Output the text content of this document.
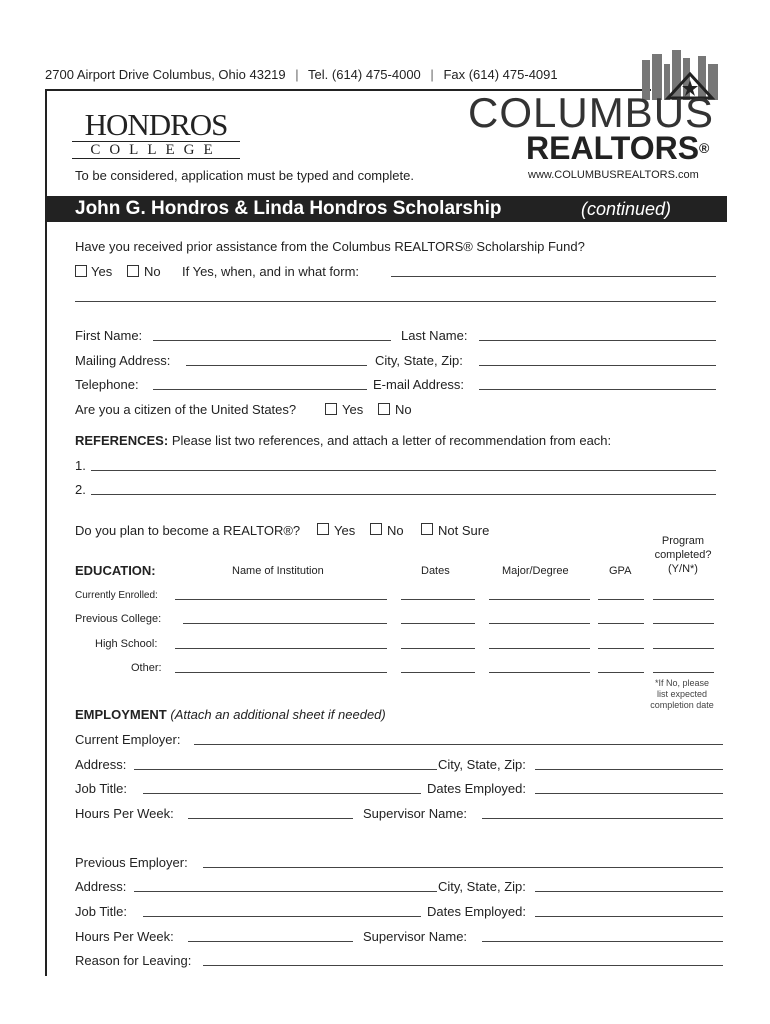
2700 Airport Drive Columbus, Ohio 43219 | Tel. (614) 475-4000 | Fax (614) 475-4091
HONDROS
COLLEGE
COLUMBUS
REALTORS®
www.COLUMBUSREALTORS.com
To be considered, application must be typed and complete.
John G. Hondros & Linda Hondros Scholarship	(continued)
Have you received prior assistance from the Columbus REALTORS® Scholarship Fund?
Yes No If Yes, when, and in what form:
First Name:	Last Name:
Mailing Address:	City, State, Zip:
Telephone:	E-mail Address:
Are you a citizen of the United States?	Yes No
REFERENCES: Please list two references, and attach a letter of recommendation from each:
1.
2.
Do you plan to become a REALTOR®?	Yes No	Not Sure
EDUCATION:	Name of Institution	Dates	Major/Degree	GPA
Program
completed?
(Y/N*)
Currently Enrolled:
Previous College:
High School:
Other:
*If No, please
list expected
completion date
EMPLOYMENT (Attach an additional sheet if needed)
Current Employer:
Address:	City, State, Zip:
Job Title:	Dates Employed:
Hours Per Week:	Supervisor Name:
Previous Employer:
Address:	City, State, Zip:
Job Title:	Dates Employed:
Hours Per Week:	Supervisor Name:
Reason for Leaving:
